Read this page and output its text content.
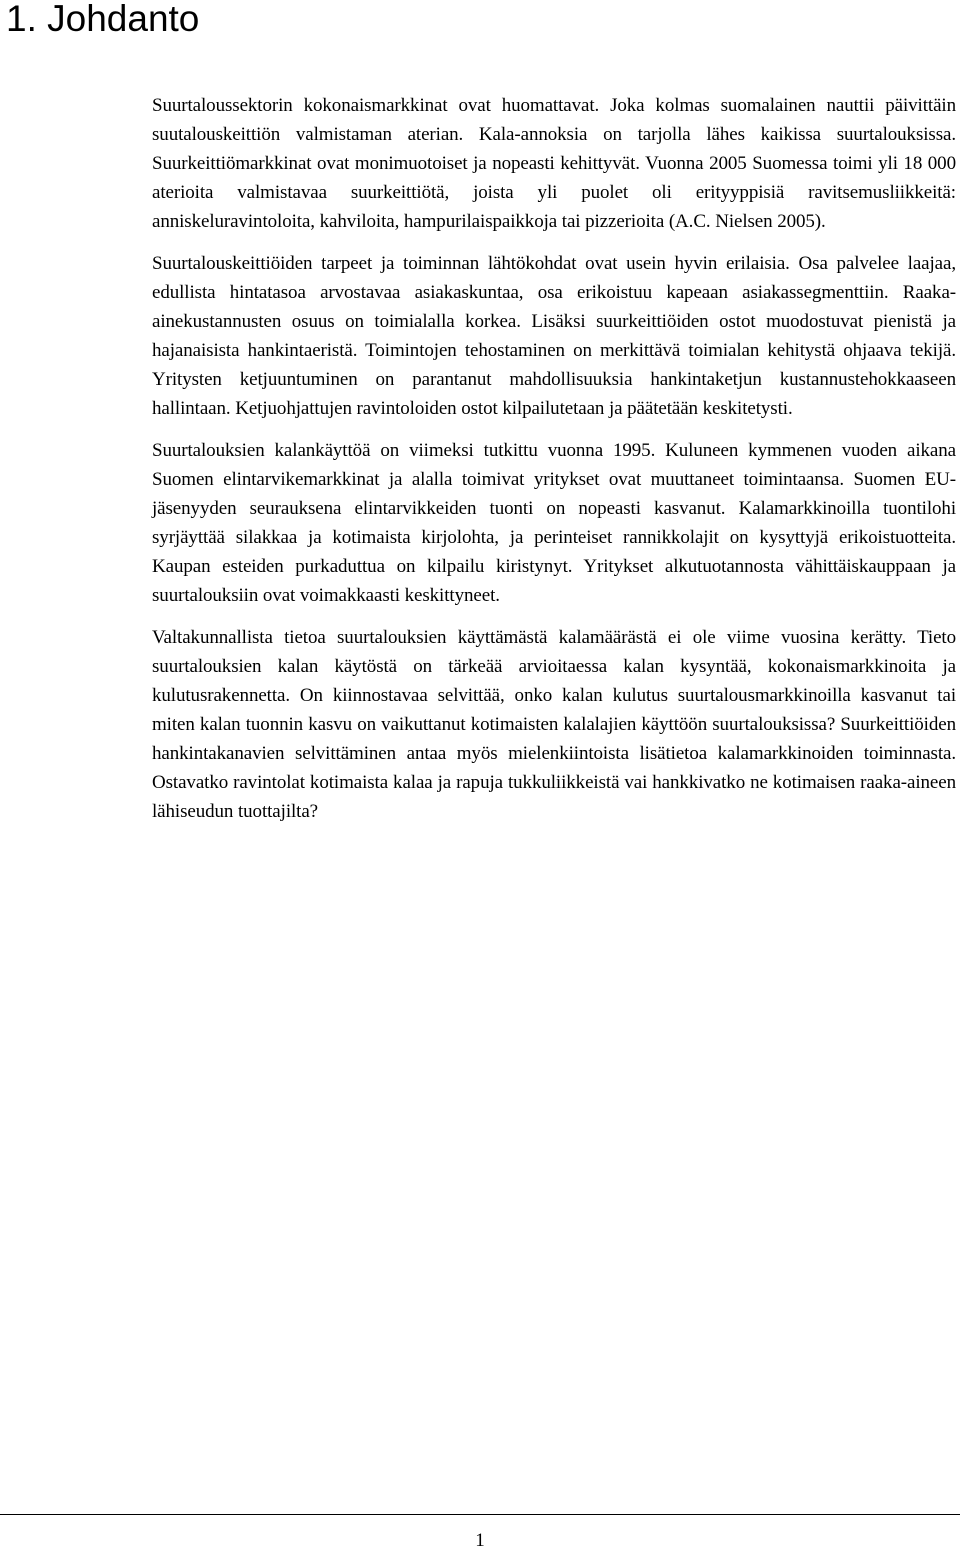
1. Johdanto

Suurtaloussektorin kokonaismarkkinat ovat huomattavat. Joka kolmas suomalainen nauttii päivittäin suutalouskeittiön valmistaman aterian. Kala-annoksia on tarjolla lähes kaikissa suurtalouksissa. Suurkeittiömarkkinat ovat monimuotoiset ja nopeasti kehittyvät. Vuonna 2005 Suomessa toimi yli 18 000 aterioita valmistavaa suurkeittiötä, joista yli puolet oli erityyppisiä ravitsemusliikkeitä: anniskeluravintoloita, kahviloita, hampurilaispaikkoja tai pizzerioita (A.C. Nielsen 2005).

Suurtalouskeittiöiden tarpeet ja toiminnan lähtökohdat ovat usein hyvin erilaisia. Osa palvelee laajaa, edullista hintatasoa arvostavaa asiakaskuntaa, osa erikoistuu kapeaan asiakassegmenttiin. Raaka-ainekustannusten osuus on toimialalla korkea. Lisäksi suurkeittiöiden ostot muodostuvat pienistä ja hajanaisista hankintaeristä. Toimintojen tehostaminen on merkittävä toimialan kehitystä ohjaava tekijä. Yritysten ketjuuntuminen on parantanut mahdollisuuksia hankintaketjun kustannustehokkaaseen hallintaan. Ketjuohjattujen ravintoloiden ostot kilpailutetaan ja päätetään keskitetysti.

Suurtalouksien kalankäyttöä on viimeksi tutkittu vuonna 1995. Kuluneen kymmenen vuoden aikana Suomen elintarvikemarkkinat ja alalla toimivat yritykset ovat muuttaneet toimintaansa. Suomen EU-jäsenyyden seurauksena elintarvikkeiden tuonti on nopeasti kasvanut. Kalamarkkinoilla tuontilohi syrjäyttää silakkaa ja kotimaista kirjolohta, ja perinteiset rannikkolajit on kysyttyjä erikoistuotteita. Kaupan esteiden purkaduttua on kilpailu kiristynyt. Yritykset alkutuotannosta vähittäiskauppaan ja suurtalouksiin ovat voimakkaasti keskittyneet.

Valtakunnallista tietoa suurtalouksien käyttämästä kalamäärästä ei ole viime vuosina kerätty. Tieto suurtalouksien kalan käytöstä on tärkeää arvioitaessa kalan kysyntää, kokonaismarkkinoita ja kulutusrakennetta. On kiinnostavaa selvittää, onko kalan kulutus suurtalousmarkkinoilla kasvanut tai miten kalan tuonnin kasvu on vaikuttanut kotimaisten kalalajien käyttöön suurtalouksissa? Suurkeittiöiden hankintakanavien selvittäminen antaa myös mielenkiintoista lisätietoa kalamarkkinoiden toiminnasta. Ostavatko ravintolat kotimaista kalaa ja rapuja tukkuliikkeistä vai hankkivatko ne kotimaisen raaka-aineen lähiseudun tuottajilta?

1
